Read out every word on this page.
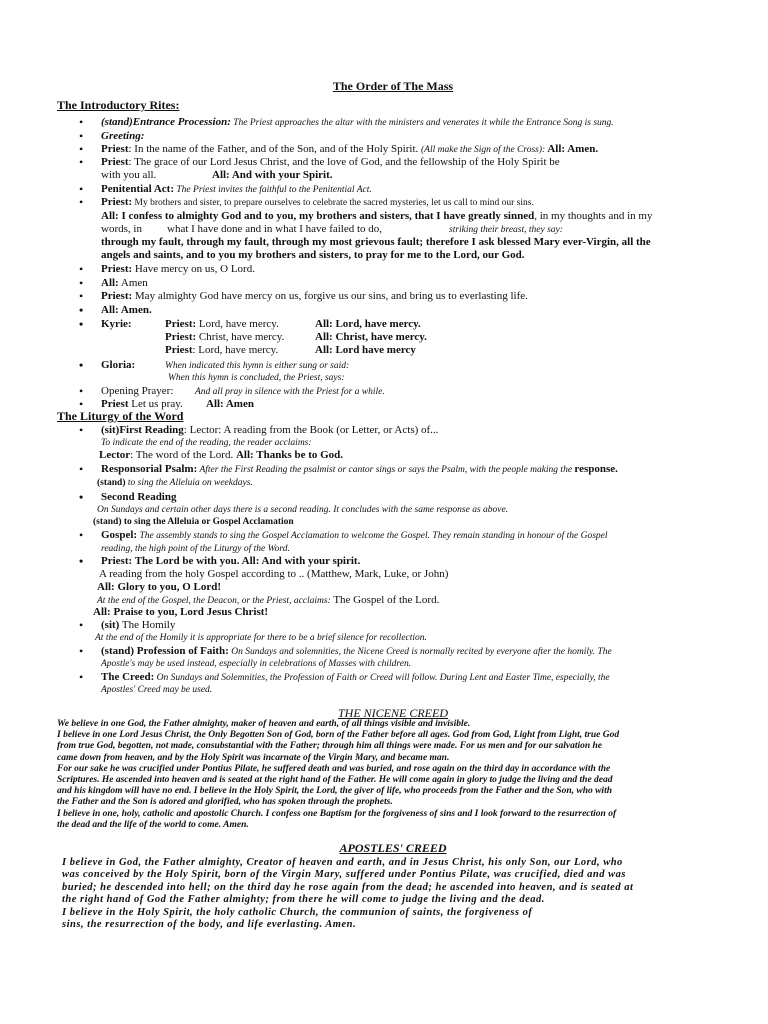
The Order of The Mass
The Introductory Rites:
• (stand)Entrance Procession: The Priest approaches the altar with the ministers and venerates it while the Entrance Song is sung.
• Greeting:
• Priest: In the name of the Father, and of the Son, and of the Holy Spirit. (All make the Sign of the Cross): All: Amen.
• Priest: The grace of our Lord Jesus Christ, and the love of God, and the fellowship of the Holy Spirit be
with you all.	All: And with your Spirit.
• Penitential Act: The Priest invites the faithful to the Penitential Act.
• Priest: My brothers and sister, to prepare ourselves to celebrate the sacred mysteries, let us call to mind our sins.
All: I confess to almighty God and to you, my brothers and sisters, that I have greatly sinned, in my thoughts and in my
words, in what I have done and in what I have failed to do,	striking their breast, they say:
through my fault, through my fault, through my most grievous fault; therefore I ask blessed Mary ever-Virgin, all the
angels and saints, and to you my brothers and sisters, to pray for me to the Lord, our God.
• Priest: Have mercy on us, O Lord.
• All: Amen
• Priest: May almighty God have mercy on us, forgive us our sins, and bring us to everlasting life.
• All: Amen.
• Kyrie:	Priest: Lord, have mercy.	All: Lord, have mercy.
Priest: Christ, have mercy.	All: Christ, have mercy.
Priest: Lord, have mercy.	All: Lord have mercy
• Gloria:	When indicated this hymn is either sung or said:
When this hymn is concluded, the Priest, says:
• Opening Prayer: And all pray in silence with the Priest for a while.
• Priest Let us pray. All: Amen
The Liturgy of the Word
• (sit)First Reading: Lector: A reading from the Book (or Letter, or Acts) of...
To indicate the end of the reading, the reader acclaims:
Lector: The word of the Lord. All: Thanks be to God.
• Responsorial Psalm: After the First Reading the psalmist or cantor sings or says the Psalm, with the people making the response.
(stand) to sing the Alleluia on weekdays.
• Second Reading
On Sundays and certain other days there is a second reading. It concludes with the same response as above.
(stand) to sing the Alleluia or Gospel Acclamation
• Gospel: The assembly stands to sing the Gospel Acclamation to welcome the Gospel. They remain standing in honour of the Gospel
reading, the high point of the Liturgy of the Word.
• Priest: The Lord be with you. All: And with your spirit.
A reading from the holy Gospel according to .. (Matthew, Mark, Luke, or John)
All: Glory to you, O Lord!
At the end of the Gospel, the Deacon, or the Priest, acclaims: The Gospel of the Lord.
All: Praise to you, Lord Jesus Christ!
• (sit) The Homily
At the end of the Homily it is appropriate for there to be a brief silence for recollection.
• (stand) Profession of Faith: On Sundays and solemnities, the Nicene Creed is normally recited by everyone after the homily. The
Apostle's may be used instead, especially in celebrations of Masses with children.
• The Creed: On Sundays and Solemnities, the Profession of Faith or Creed will follow. During Lent and Easter Time, especially, the
Apostles' Creed may be used.
THE NICENE CREED
We believe in one God, the Father almighty, maker of heaven and earth, of all things visible and invisible.
I believe in one Lord Jesus Christ, the Only Begotten Son of God, born of the Father before all ages. God from God, Light from Light, true God
from true God, begotten, not made, consubstantial with the Father; through him all things were made. For us men and for our salvation he
came down from heaven, and by the Holy Spirit was incarnate of the Virgin Mary, and became man.
For our sake he was crucified under Pontius Pilate, he suffered death and was buried, and rose again on the third day in accordance with the
Scriptures. He ascended into heaven and is seated at the right hand of the Father. He will come again in glory to judge the living and the dead
and his kingdom will have no end. I believe in the Holy Spirit, the Lord, the giver of life, who proceeds from the Father and the Son, who with
the Father and the Son is adored and glorified, who has spoken through the prophets.
I believe in one, holy, catholic and apostolic Church. I confess one Baptism for the forgiveness of sins and I look forward to the resurrection of
the dead and the life of the world to come. Amen.
APOSTLES' CREED
I believe in God, the Father almighty, Creator of heaven and earth, and in Jesus Christ, his only Son, our Lord, who
was conceived by the Holy Spirit, born of the Virgin Mary, suffered under Pontius Pilate, was crucified, died and was
buried; he descended into hell; on the third day he rose again from the dead; he ascended into heaven, and is seated at
the right hand of God the Father almighty; from there he will come to judge the living and the dead.
I believe in the Holy Spirit, the holy catholic Church, the communion of saints, the forgiveness of
sins, the resurrection of the body, and life everlasting. Amen.
